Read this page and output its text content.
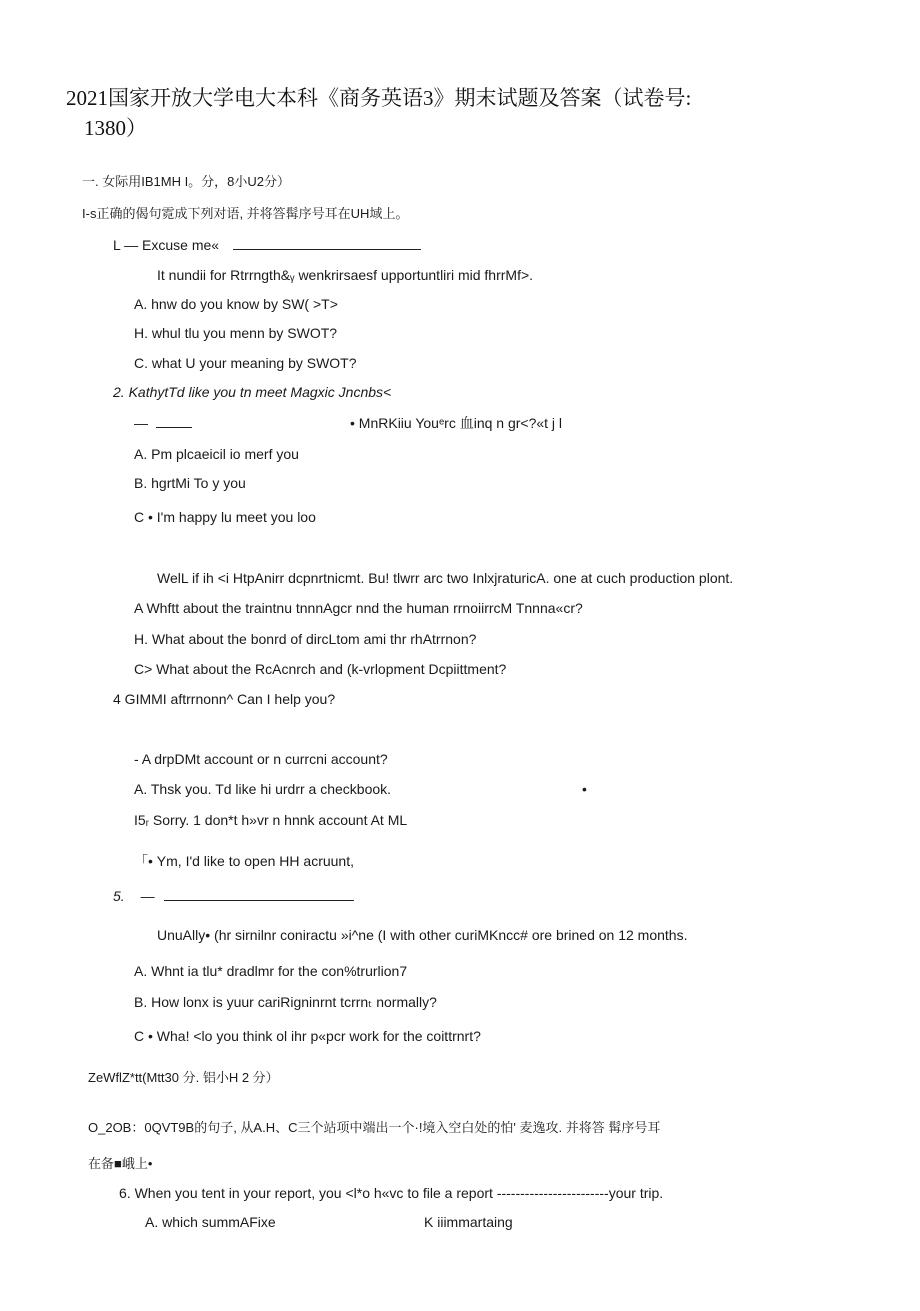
2021国家开放大学电大本科《商务英语3》期末试题及答案（试卷号:
1380）
一. 女际用IB1MH I。分，8小U2分）
I-s正确的偈句霓成下列对语, 并将答髯序号耳在UH域上。
L — Excuse me«
It nundii for Rtrrngth&ᵧ wenkrirsaesf upportuntliri mid fhrrMf>.
A. hnw do you know by SW( >T>
H. whul tlu you menn by SWOT?
C. what U your meaning by SWOT?
2. KathytTd like you tn meet Magxic Jncnbs<
—	• MnRKiiu Youᵉrc 血inq n gr<?«t j l
A. Pm plcaeicil io merf you
B. hgrtMi To y you
C • I'm happy lu meet you loo
WelL if ih <i HtpAnirr dcpnrtnicmt. Bu! tlwrr arc two InlxjraturicA. one at cuch production plont.
A Whftt about the traintnu tnnnAgcr nnd the human rrnoiirrcM Tnnna«cr?
H. What about the bonrd of dircLtom ami thr rhAtrrnon?
C> What about the RcAcnrch and (k-vrlopment Dcpiittment?
4 GIMMI aftrrnonn^ Can I help you?
- A drpDMt account or n currcni account?
A. Thsk you. Td like hi urdrr a checkbook.	•
I5ᵣ Sorry. 1 don*t h»vr n hnnk account At ML
「• Ym, I'd like to open HH acruunt,
5. —
UnuAlly• (hr sirnilnr coniractu »i^ne (I with other curiMKncc# ore brined on 12 months.
A. Whnt ia tlu* dradlmr for the con%trurlion7
B. How lonx is yuur cariRigninrnt tcrrnₜ normally?
C • Wha! <lo you think ol ihr p«pcr work for the coittrnrt?
ZeWflZ*tt(Mtt30 分. 铝小H 2 分）
O_2OB：0QVT9B的句子, 从A.H、C三个站项中端出一个·!境入空白处的怕' 麦逸攻. 并将答 髯序号耳
在备■峨上•
6. When you tent in your report, you <l*o h«vc to file a report ------------------------your trip.
A. which summAFixe	K iiimmartaing
